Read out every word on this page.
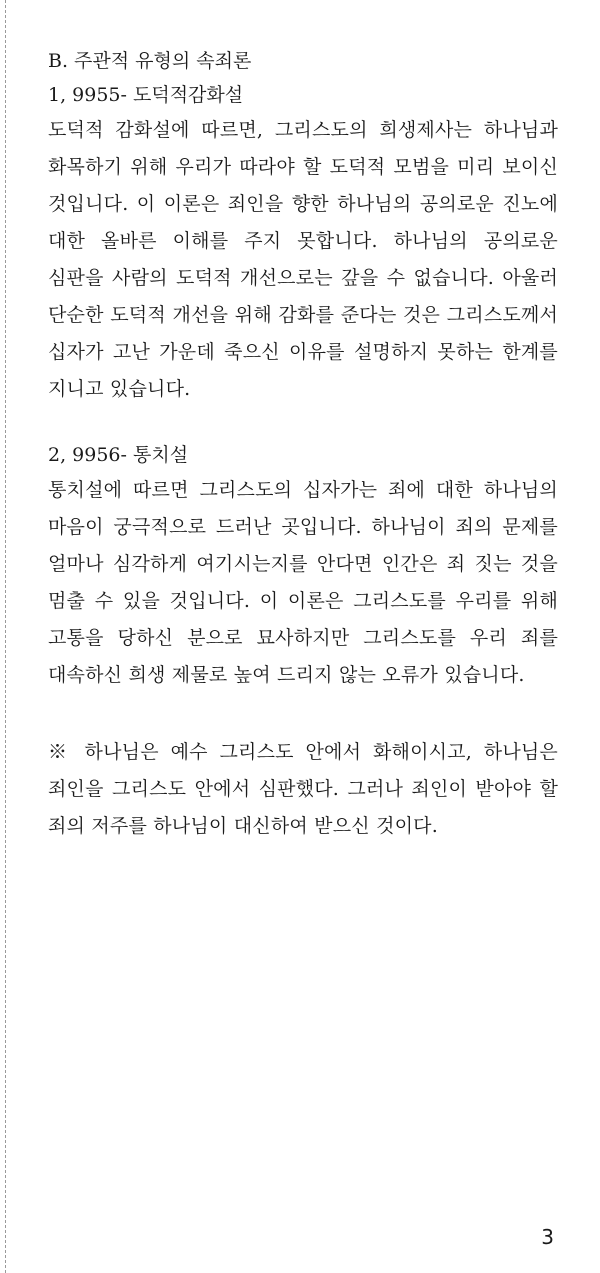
B. 주관적 유형의 속죄론

1, 9955- 도덕적감화설

도덕적 감화설에 따르면, 그리스도의 희생제사는 하나님과 화목하기 위해 우리가 따라야 할 도덕적 모범을 미리 보이신 것입니다. 이 이론은 죄인을 향한 하나님의 공의로운 진노에 대한 올바른 이해를 주지 못합니다. 하나님의 공의로운 심판을 사람의 도덕적 개선으로는 갚을 수 없습니다. 아울러 단순한 도덕적 개선을 위해 감화를 준다는 것은 그리스도께서 십자가 고난 가운데 죽으신 이유를 설명하지 못하는 한계를 지니고 있습니다.

2, 9956- 통치설

통치설에 따르면 그리스도의 십자가는 죄에 대한 하나님의 마음이 궁극적으로 드러난 곳입니다. 하나님이 죄의 문제를 얼마나 심각하게 여기시는지를 안다면 인간은 죄 짓는 것을 멈출 수 있을 것입니다. 이 이론은 그리스도를 우리를 위해 고통을 당하신 분으로 묘사하지만 그리스도를 우리 죄를 대속하신 희생 제물로 높여 드리지 않는 오류가 있습니다.

※ 하나님은 예수 그리스도 안에서 화해이시고, 하나님은 죄인을 그리스도 안에서 심판했다. 그러나 죄인이 받아야 할 죄의 저주를 하나님이 대신하여 받으신 것이다.

3
